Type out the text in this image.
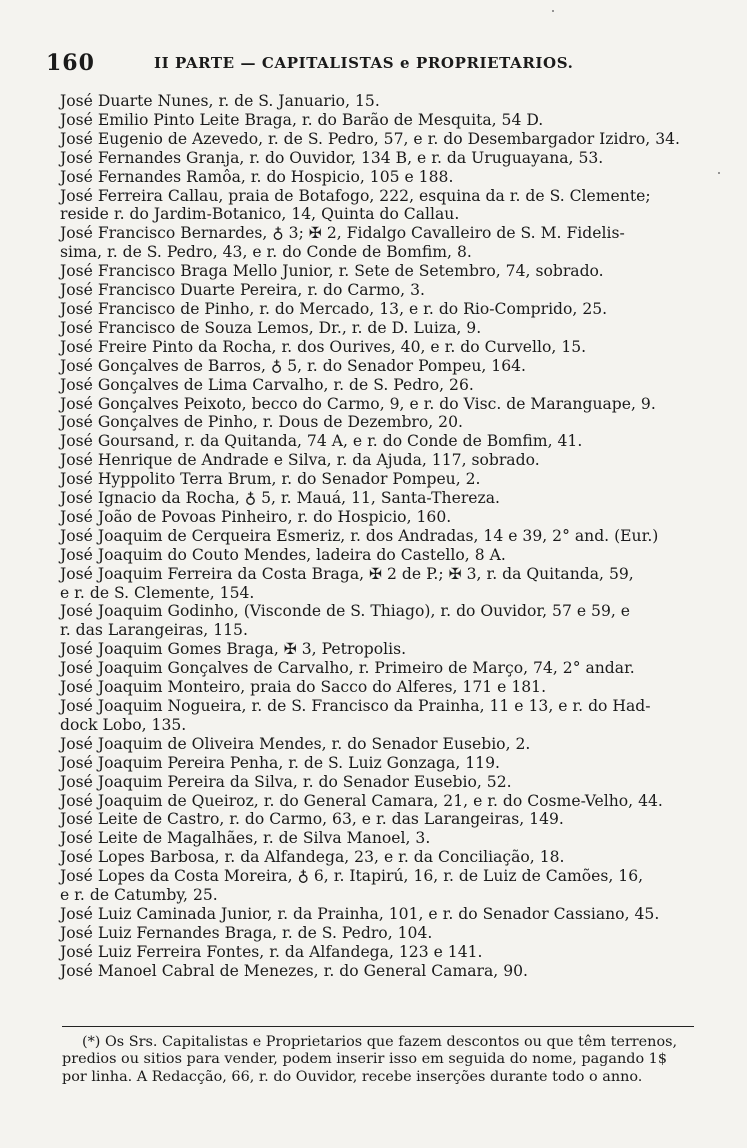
160	II PARTE — CAPITALISTAS e PROPRIETARIOS.
José Duarte Nunes, r. de S. Januario, 15.
José Emilio Pinto Leite Braga, r. do Barão de Mesquita, 54 D.
José Eugenio de Azevedo, r. de S. Pedro, 57, e r. do Desembargador Izidro, 34.
José Fernandes Granja, r. do Ouvidor, 134 B, e r. da Uruguayana, 53.
José Fernandes Ramôa, r. do Hospicio, 105 e 188.
José Ferreira Callau, praia de Botafogo, 222, esquina da r. de S. Clemente;
reside r. do Jardim-Botanico, 14, Quinta do Callau.
José Francisco Bernardes, ♁ 3; ✠ 2, Fidalgo Cavalleiro de S. M. Fidelis-
sima, r. de S. Pedro, 43, e r. do Conde de Bomfim, 8.
José Francisco Braga Mello Junior, r. Sete de Setembro, 74, sobrado.
José Francisco Duarte Pereira, r. do Carmo, 3.
José Francisco de Pinho, r. do Mercado, 13, e r. do Rio-Comprido, 25.
José Francisco de Souza Lemos, Dr., r. de D. Luiza, 9.
José Freire Pinto da Rocha, r. dos Ourives, 40, e r. do Curvello, 15.
José Gonçalves de Barros, ♁ 5, r. do Senador Pompeu, 164.
José Gonçalves de Lima Carvalho, r. de S. Pedro, 26.
José Gonçalves Peixoto, becco do Carmo, 9, e r. do Visc. de Maranguape, 9.
José Gonçalves de Pinho, r. Dous de Dezembro, 20.
José Goursand, r. da Quitanda, 74 A, e r. do Conde de Bomfim, 41.
José Henrique de Andrade e Silva, r. da Ajuda, 117, sobrado.
José Hyppolito Terra Brum, r. do Senador Pompeu, 2.
José Ignacio da Rocha, ♁ 5, r. Mauá, 11, Santa-Thereza.
José João de Povoas Pinheiro, r. do Hospicio, 160.
José Joaquim de Cerqueira Esmeriz, r. dos Andradas, 14 e 39, 2° and. (Eur.)
José Joaquim do Couto Mendes, ladeira do Castello, 8 A.
José Joaquim Ferreira da Costa Braga, ✠ 2 de P.; ✠ 3, r. da Quitanda, 59,
e r. de S. Clemente, 154.
José Joaquim Godinho, (Visconde de S. Thiago), r. do Ouvidor, 57 e 59, e
r. das Larangeiras, 115.
José Joaquim Gomes Braga, ✠ 3, Petropolis.
José Joaquim Gonçalves de Carvalho, r. Primeiro de Março, 74, 2° andar.
José Joaquim Monteiro, praia do Sacco do Alferes, 171 e 181.
José Joaquim Nogueira, r. de S. Francisco da Prainha, 11 e 13, e r. do Had-
dock Lobo, 135.
José Joaquim de Oliveira Mendes, r. do Senador Eusebio, 2.
José Joaquim Pereira Penha, r. de S. Luiz Gonzaga, 119.
José Joaquim Pereira da Silva, r. do Senador Eusebio, 52.
José Joaquim de Queiroz, r. do General Camara, 21, e r. do Cosme-Velho, 44.
José Leite de Castro, r. do Carmo, 63, e r. das Larangeiras, 149.
José Leite de Magalhães, r. de Silva Manoel, 3.
José Lopes Barbosa, r. da Alfandega, 23, e r. da Conciliação, 18.
José Lopes da Costa Moreira, ♁ 6, r. Itapirú, 16, r. de Luiz de Camões, 16,
e r. de Catumby, 25.
José Luiz Caminada Junior, r. da Prainha, 101, e r. do Senador Cassiano, 45.
José Luiz Fernandes Braga, r. de S. Pedro, 104.
José Luiz Ferreira Fontes, r. da Alfandega, 123 e 141.
José Manoel Cabral de Menezes, r. do General Camara, 90.
(*) Os Srs. Capitalistas e Proprietarios que fazem descontos ou que têm terrenos,
predios ou sitios para vender, podem inserir isso em seguida do nome, pagando 1$
por linha. A Redacção, 66, r. do Ouvidor, recebe inserções durante todo o anno.
